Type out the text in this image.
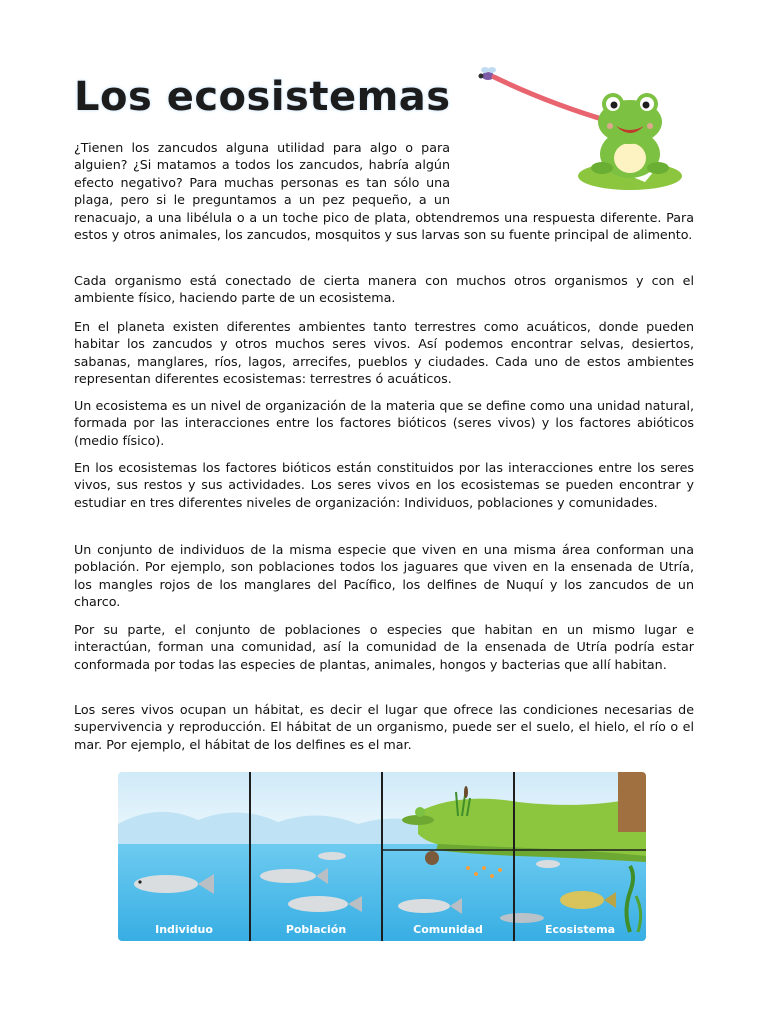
Los ecosistemas

¿Tienen los zancudos alguna utilidad para algo o para alguien? ¿Si matamos a todos los zancudos, habría algún efecto negativo? Para muchas personas es tan sólo una plaga, pero si le preguntamos a un pez pequeño, a un renacuajo, a una libélula o a un toche pico de plata, obtendremos una respuesta diferente. Para estos y otros animales, los zancudos, mosquitos y sus larvas son su fuente principal de alimento.

Cada organismo está conectado de cierta manera con muchos otros organismos y con el ambiente físico, haciendo parte de un ecosistema.

En el planeta existen diferentes ambientes tanto terrestres como acuáticos, donde pueden habitar los zancudos y otros muchos seres vivos. Así podemos encontrar selvas, desiertos, sabanas, manglares, ríos, lagos, arrecifes, pueblos y ciudades. Cada uno de estos ambientes representan diferentes ecosistemas: terrestres ó acuáticos.

Un ecosistema es un nivel de organización de la materia que se define como una unidad natural, formada por las interacciones entre los factores bióticos (seres vivos) y los factores abióticos (medio físico).

En los ecosistemas los factores bióticos están constituidos por las interacciones entre los seres vivos, sus restos y sus actividades. Los seres vivos en los ecosistemas se pueden encontrar y estudiar en tres diferentes niveles de organización: Individuos, poblaciones y comunidades.

Un conjunto de individuos de la misma especie que viven en una misma área conforman una población. Por ejemplo, son poblaciones todos los jaguares que viven en la ensenada de Utría, los mangles rojos de los manglares del Pacífico, los delfines de Nuquí y los zancudos de un charco.

Por su parte, el conjunto de poblaciones o especies que habitan en un mismo lugar e interactúan, forman una comunidad, así la comunidad de la ensenada de Utría podría estar conformada por todas las especies de plantas, animales, hongos y bacterias que allí habitan.

Los seres vivos ocupan un hábitat, es decir el lugar que ofrece las condiciones necesarias de supervivencia y reproducción. El hábitat de un organismo, puede ser el suelo, el hielo, el río o el mar. Por ejemplo, el hábitat de los delfines es el mar.

Individuo	Población	Comunidad	Ecosistema
